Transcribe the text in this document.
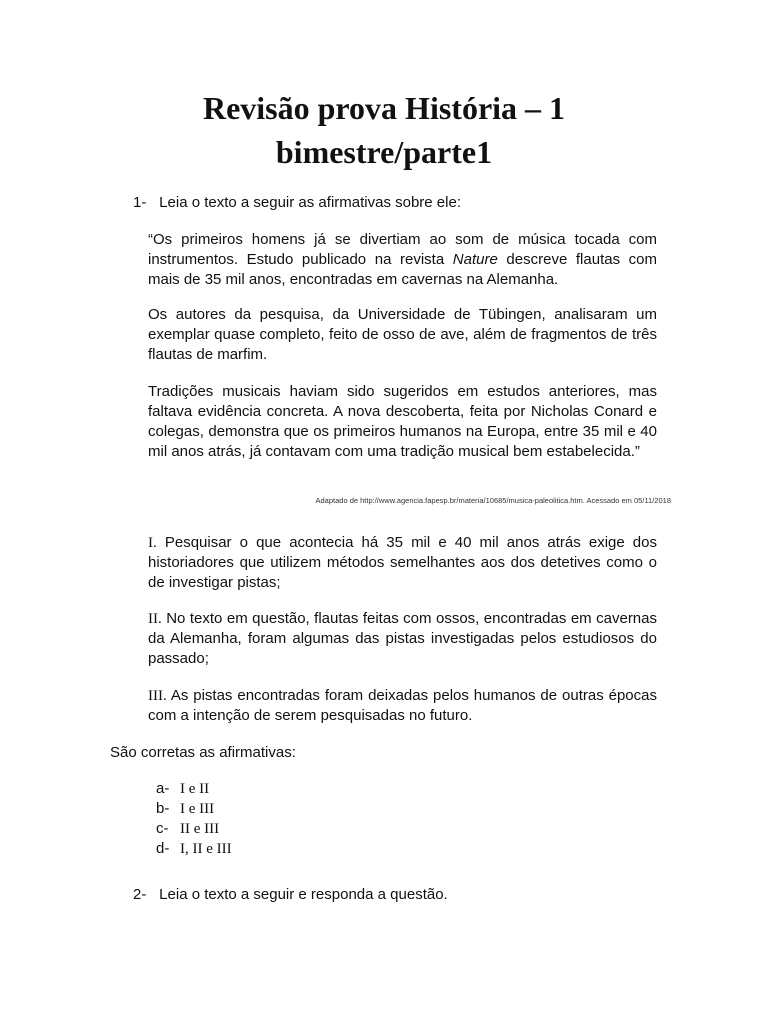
Revisão prova História – 1 bimestre/parte1
1- Leia o texto a seguir as afirmativas sobre ele:

“Os primeiros homens já se divertiam ao som de música tocada com instrumentos. Estudo publicado na revista Nature descreve flautas com mais de 35 mil anos, encontradas em cavernas na Alemanha.

Os autores da pesquisa, da Universidade de Tübingen, analisaram um exemplar quase completo, feito de osso de ave, além de fragmentos de três flautas de marfim.

Tradições musicais haviam sido sugeridos em estudos anteriores, mas faltava evidência concreta. A nova descoberta, feita por Nicholas Conard e colegas, demonstra que os primeiros humanos na Europa, entre 35 mil e 40 mil anos atrás, já contavam com uma tradição musical bem estabelecida.”

Adaptado de http://www.agencia.fapesp.br/materia/10685/musica-paleolitica.htm. Acessado em 05/11/2018

I. Pesquisar o que acontecia há 35 mil e 40 mil anos atrás exige dos historiadores que utilizem métodos semelhantes aos dos detetives como o de investigar pistas;

II. No texto em questão, flautas feitas com ossos, encontradas em cavernas da Alemanha, foram algumas das pistas investigadas pelos estudiosos do passado;

III. As pistas encontradas foram deixadas pelos humanos de outras épocas com a intenção de serem pesquisadas no futuro.

São corretas as afirmativas:
a- I e II
b- I e III
c- II e III
d- I, II e III
2- Leia o texto a seguir e responda a questão.
